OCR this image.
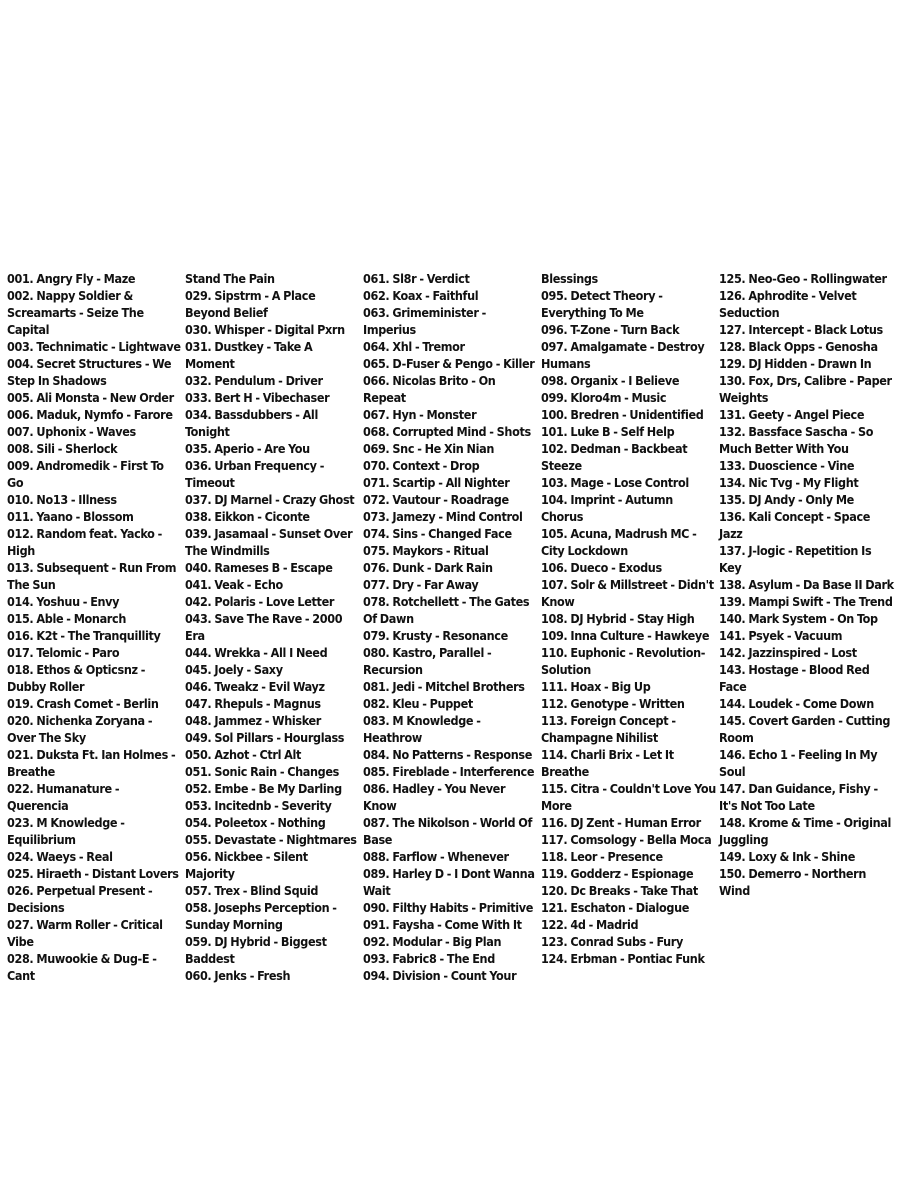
001. Angry Fly - Maze
002. Nappy Soldier & Screamarts - Seize The Capital
003. Technimatic - Lightwave
004. Secret Structures - We Step In Shadows
005. Ali Monsta - New Order
006. Maduk, Nymfo - Farore
007. Uphonix - Waves
008. Sili - Sherlock
009. Andromedik - First To Go
010. No13 - Illness
011. Yaano - Blossom
012. Random feat. Yacko - High
013. Subsequent - Run From The Sun
014. Yoshuu - Envy
015. Able - Monarch
016. K2t - The Tranquillity
017. Telomic - Paro
018. Ethos & Opticsnz - Dubby Roller
019. Crash Comet - Berlin
020. Nichenka Zoryana - Over The Sky
021. Duksta Ft. Ian Holmes - Breathe
022. Humanature - Querencia
023. M Knowledge - Equilibrium
024. Waeys - Real
025. Hiraeth - Distant Lovers
026. Perpetual Present - Decisions
027. Warm Roller - Critical Vibe
028. Muwookie & Dug-E - Cant
Stand The Pain
029. Sipstrm - A Place Beyond Belief
030. Whisper - Digital Pxrn
031. Dustkey - Take A Moment
032. Pendulum - Driver
033. Bert H - Vibechaser
034. Bassdubbers - All Tonight
035. Aperio - Are You
036. Urban Frequency - Timeout
037. DJ Marnel - Crazy Ghost
038. Eikkon - Ciconte
039. Jasamaal - Sunset Over The Windmills
040. Rameses B - Escape
041. Veak - Echo
042. Polaris - Love Letter
043. Save The Rave - 2000 Era
044. Wrekka - All I Need
045. Joely - Saxy
046. Tweakz - Evil Wayz
047. Rhepuls - Magnus
048. Jammez - Whisker
049. Sol Pillars - Hourglass
050. Azhot - Ctrl Alt
051. Sonic Rain - Changes
052. Embe - Be My Darling
053. Incitednb - Severity
054. Poleetox - Nothing
055. Devastate - Nightmares
056. Nickbee - Silent Majority
057. Trex - Blind Squid
058. Josephs Perception - Sunday Morning
059. DJ Hybrid - Biggest Baddest
060. Jenks - Fresh
061. Sl8r - Verdict
062. Koax - Faithful
063. Grimeminister - Imperius
064. Xhl - Tremor
065. D-Fuser & Pengo - Killer
066. Nicolas Brito - On Repeat
067. Hyn - Monster
068. Corrupted Mind - Shots
069. Snc - He Xin Nian
070. Context - Drop
071. Scartip - All Nighter
072. Vautour - Roadrage
073. Jamezy - Mind Control
074. Sins - Changed Face
075. Maykors - Ritual
076. Dunk - Dark Rain
077. Dry - Far Away
078. Rotchellett - The Gates Of Dawn
079. Krusty - Resonance
080. Kastro, Parallel - Recursion
081. Jedi - Mitchel Brothers
082. Kleu - Puppet
083. M Knowledge - Heathrow
084. No Patterns - Response
085. Fireblade - Interference
086. Hadley - You Never Know
087. The Nikolson - World Of Base
088. Farflow - Whenever
089. Harley D - I Dont Wanna Wait
090. Filthy Habits - Primitive
091. Faysha - Come With It
092. Modular - Big Plan
093. Fabric8 - The End
094. Division - Count Your
Blessings
095. Detect Theory - Everything To Me
096. T-Zone - Turn Back
097. Amalgamate - Destroy Humans
098. Organix - I Believe
099. Kloro4m - Music
100. Bredren - Unidentified
101. Luke B - Self Help
102. Dedman - Backbeat Steeze
103. Mage - Lose Control
104. Imprint - Autumn Chorus
105. Acuna, Madrush MC - City Lockdown
106. Dueco - Exodus
107. Solr & Millstreet - Didn't Know
108. DJ Hybrid - Stay High
109. Inna Culture - Hawkeye
110. Euphonic - Revolution-Solution
111. Hoax - Big Up
112. Genotype - Written
113. Foreign Concept - Champagne Nihilist
114. Charli Brix - Let It Breathe
115. Citra - Couldn't Love You More
116. DJ Zent - Human Error
117. Comsology - Bella Moca
118. Leor - Presence
119. Godderz - Espionage
120. Dc Breaks - Take That
121. Eschaton - Dialogue
122. 4d - Madrid
123. Conrad Subs - Fury
124. Erbman - Pontiac Funk
125. Neo-Geo - Rollingwater
126. Aphrodite - Velvet Seduction
127. Intercept - Black Lotus
128. Black Opps - Genosha
129. DJ Hidden - Drawn In
130. Fox, Drs, Calibre - Paper Weights
131. Geety - Angel Piece
132. Bassface Sascha - So Much Better With You
133. Duoscience - Vine
134. Nic Tvg - My Flight
135. DJ Andy - Only Me
136. Kali Concept - Space Jazz
137. J-logic - Repetition Is Key
138. Asylum - Da Base II Dark
139. Mampi Swift - The Trend
140. Mark System - On Top
141. Psyek - Vacuum
142. Jazzinspired - Lost
143. Hostage - Blood Red Face
144. Loudek - Come Down
145. Covert Garden - Cutting Room
146. Echo 1 - Feeling In My Soul
147. Dan Guidance, Fishy - It's Not Too Late
148. Krome & Time - Original Juggling
149. Loxy & Ink - Shine
150. Demerro - Northern Wind
